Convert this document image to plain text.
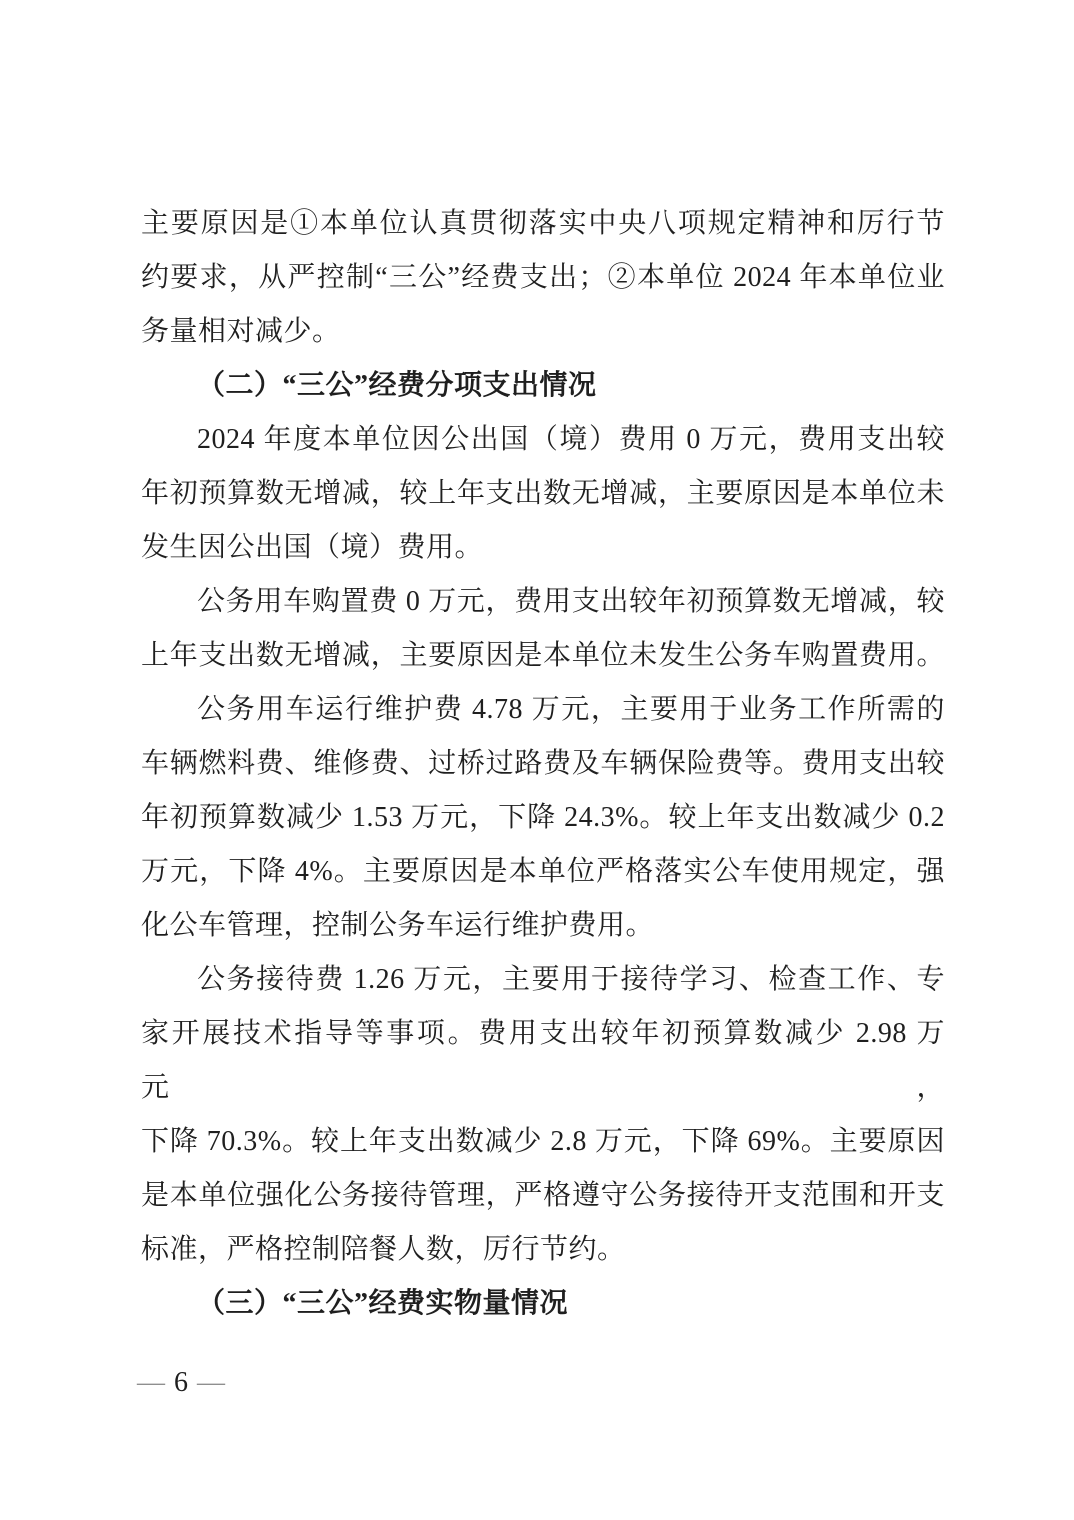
主要原因是①本单位认真贯彻落实中央八项规定精神和厉行节
约要求，从严控制“三公”经费支出；②本单位 2024 年本单位业
务量相对减少。
（二）“三公”经费分项支出情况
2024 年度本单位因公出国（境）费用 0 万元，费用支出较
年初预算数无增减，较上年支出数无增减，主要原因是本单位未
发生因公出国（境）费用。
公务用车购置费 0 万元，费用支出较年初预算数无增减，较
上年支出数无增减，主要原因是本单位未发生公务车购置费用。
公务用车运行维护费 4.78 万元，主要用于业务工作所需的
车辆燃料费、维修费、过桥过路费及车辆保险费等。费用支出较
年初预算数减少 1.53 万元，下降 24.3%。较上年支出数减少 0.2
万元，下降 4%。主要原因是本单位严格落实公车使用规定，强
化公车管理，控制公务车运行维护费用。
公务接待费 1.26 万元，主要用于接待学习、检查工作、专
家开展技术指导等事项。费用支出较年初预算数减少 2.98 万元，
下降 70.3%。较上年支出数减少 2.8 万元，下降 69%。主要原因
是本单位强化公务接待管理，严格遵守公务接待开支范围和开支
标准，严格控制陪餐人数，厉行节约。
（三）“三公”经费实物量情况
— 6 —
